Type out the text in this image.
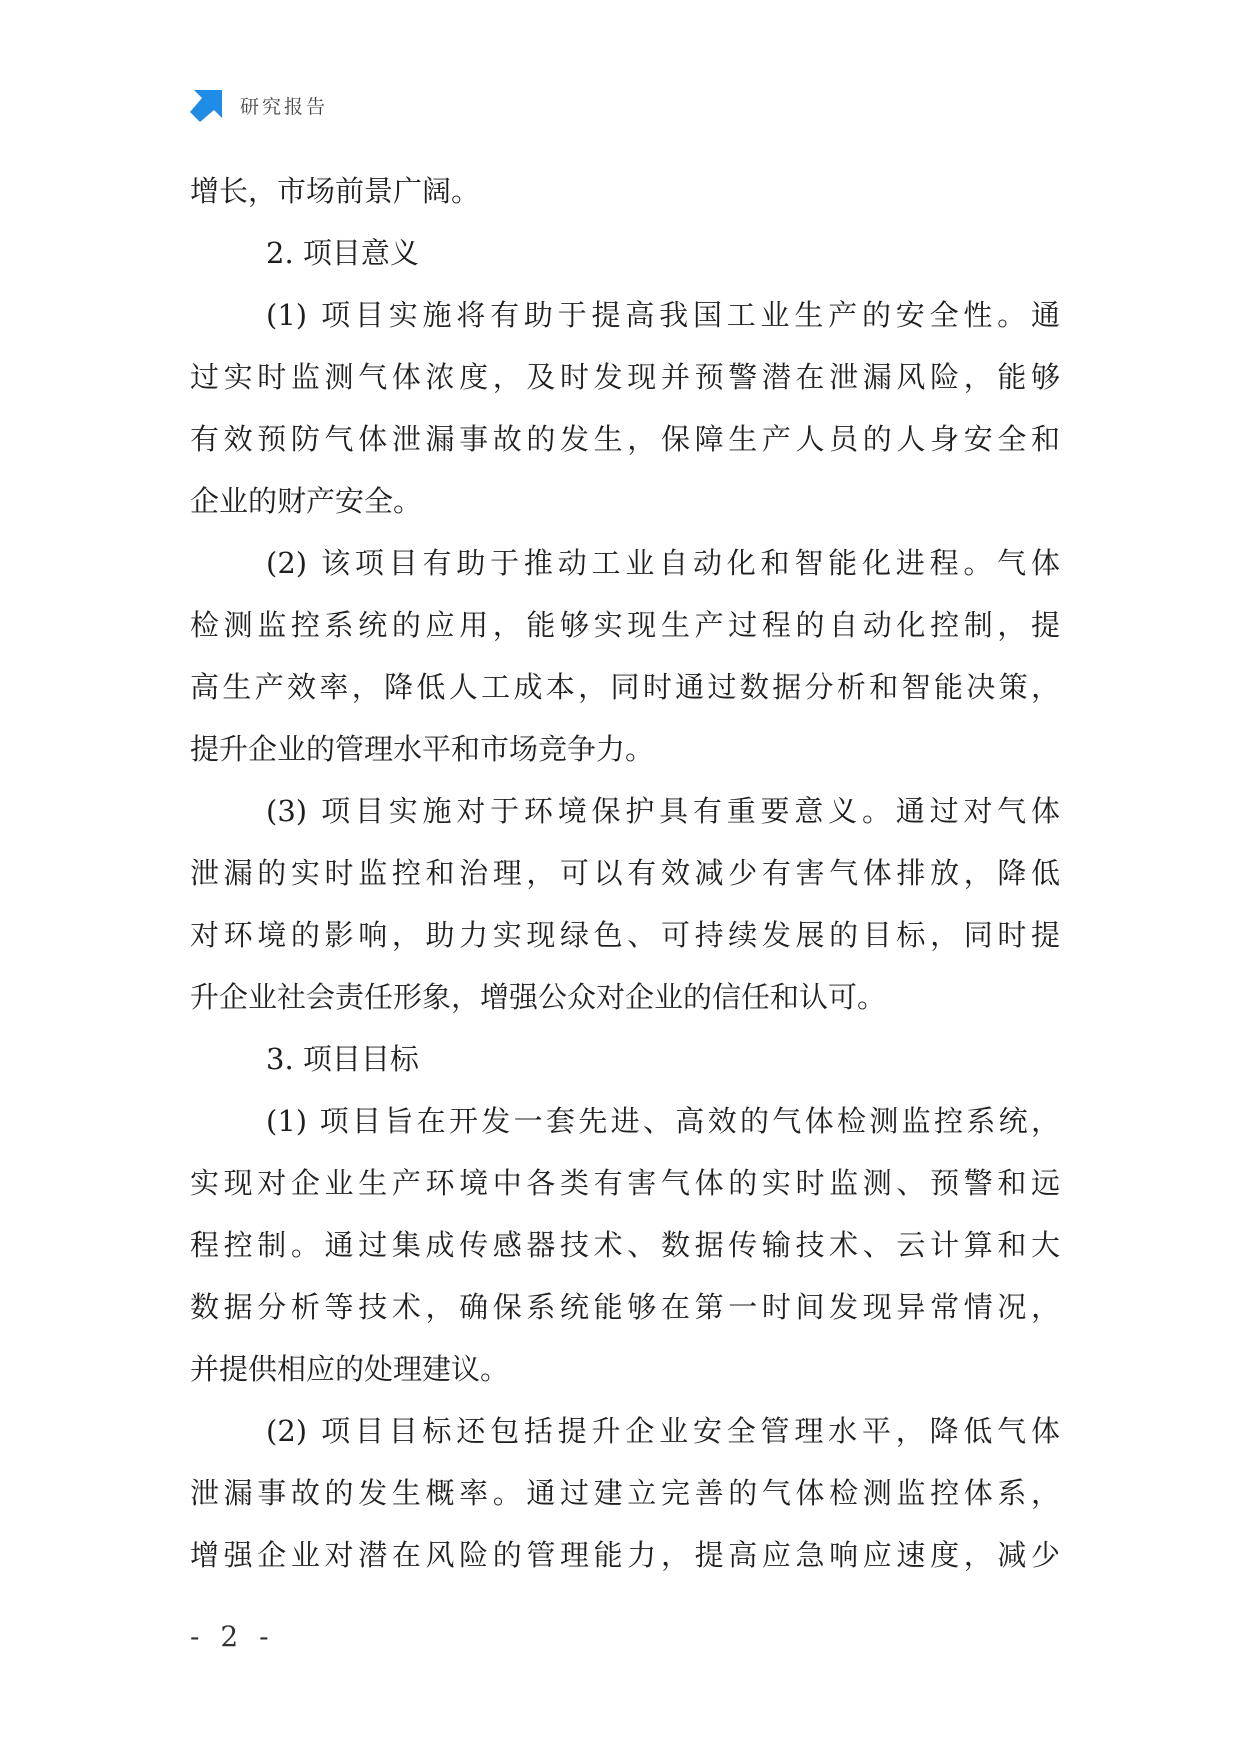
研究报告
增长，市场前景广阔。
2. 项目意义
(1) 项目实施将有助于提高我国工业生产的安全性。通
过实时监测气体浓度，及时发现并预警潜在泄漏风险，能够
有效预防气体泄漏事故的发生，保障生产人员的人身安全和
企业的财产安全。
(2) 该项目有助于推动工业自动化和智能化进程。气体
检测监控系统的应用，能够实现生产过程的自动化控制，提
高生产效率，降低人工成本，同时通过数据分析和智能决策，
提升企业的管理水平和市场竞争力。
(3) 项目实施对于环境保护具有重要意义。通过对气体
泄漏的实时监控和治理，可以有效减少有害气体排放，降低
对环境的影响，助力实现绿色、可持续发展的目标，同时提
升企业社会责任形象，增强公众对企业的信任和认可。
3. 项目目标
(1) 项目旨在开发一套先进、高效的气体检测监控系统，
实现对企业生产环境中各类有害气体的实时监测、预警和远
程控制。通过集成传感器技术、数据传输技术、云计算和大
数据分析等技术，确保系统能够在第一时间发现异常情况，
并提供相应的处理建议。
(2) 项目目标还包括提升企业安全管理水平，降低气体
泄漏事故的发生概率。通过建立完善的气体检测监控体系，
增强企业对潜在风险的管理能力，提高应急响应速度，减少
- 2 -
